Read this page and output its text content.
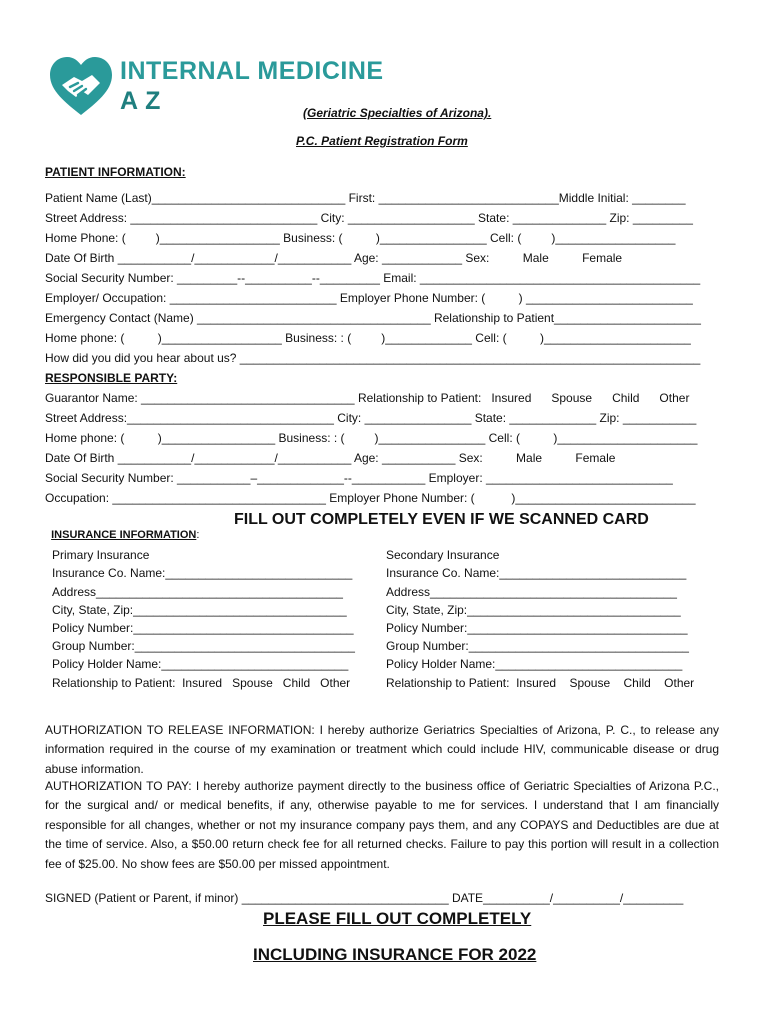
INTERNAL MEDICINE

A Z	(Geriatric Specialties of Arizona).
P.C. Patient Registration Form
PATIENT INFORMATION:
Patient Name (Last)_____________________________ First: ___________________________Middle Initial: ________
Street Address: ____________________________ City: ___________________ State: ______________ Zip: _________
Home Phone: (         )__________________ Business: (          )________________ Cell: (         )__________________
Date Of Birth ___________/____________/___________ Age: ____________ Sex:          Male          Female
Social Security Number: _________--__________--_________ Email: __________________________________________
Employer/ Occupation: _________________________ Employer Phone Number: (          ) _________________________
Emergency Contact (Name) ___________________________________ Relationship to Patient______________________
Home phone: (          )__________________ Business: : (         )_____________ Cell: (          )______________________
How did you did you hear about us? _____________________________________________________________________
RESPONSIBLE PARTY:
Guarantor Name: ________________________________ Relationship to Patient:   Insured      Spouse      Child      Other
Street Address:_______________________________ City: ________________ State: _____________ Zip: ___________
Home phone: (          )_________________ Business: : (         )________________ Cell: (          )_____________________
Date Of Birth ___________/____________/___________ Age: ___________ Sex:          Male          Female
Social Security Number: ___________–_____________--___________ Employer: ____________________________
Occupation: ________________________________ Employer Phone Number: (           )___________________________

INSURANCE INFORMATION:

FILL OUT COMPLETELY EVEN IF WE SCANNED CARD
Primary Insurance
Insurance Co. Name:____________________________
Address_____________________________________
City, State, Zip:________________________________
Policy Number:_________________________________
Group Number:_________________________________
Policy Holder Name:____________________________
Relationship to Patient:  Insured   Spouse   Child   Other
Secondary Insurance
Insurance Co. Name:____________________________
Address_____________________________________
City, State, Zip:________________________________
Policy Number:_________________________________
Group Number:_________________________________
Policy Holder Name:____________________________
Relationship to Patient:  Insured    Spouse    Child    Other
AUTHORIZATION TO RELEASE INFORMATION: I hereby authorize Geriatrics Specialties of Arizona, P. C., to release any information required in the course of my examination or treatment which could include HIV, communicable disease or drug abuse information.
AUTHORIZATION TO PAY: I hereby authorize payment directly to the business office of Geriatric Specialties of Arizona P.C., for the surgical and/ or medical benefits, if any, otherwise payable to me for services. I understand that I am financially responsible for all changes, whether or not my insurance company pays them, and any COPAYS and Deductibles are due at the time of service. Also, a $50.00 return check fee for all returned checks. Failure to pay this portion will result in a collection fee of $25.00. No show fees are $50.00 per missed appointment.
SIGNED (Patient or Parent, if minor) _______________________________ DATE__________/__________/_________
PLEASE FILL OUT COMPLETELY
INCLUDING INSURANCE FOR 2022
